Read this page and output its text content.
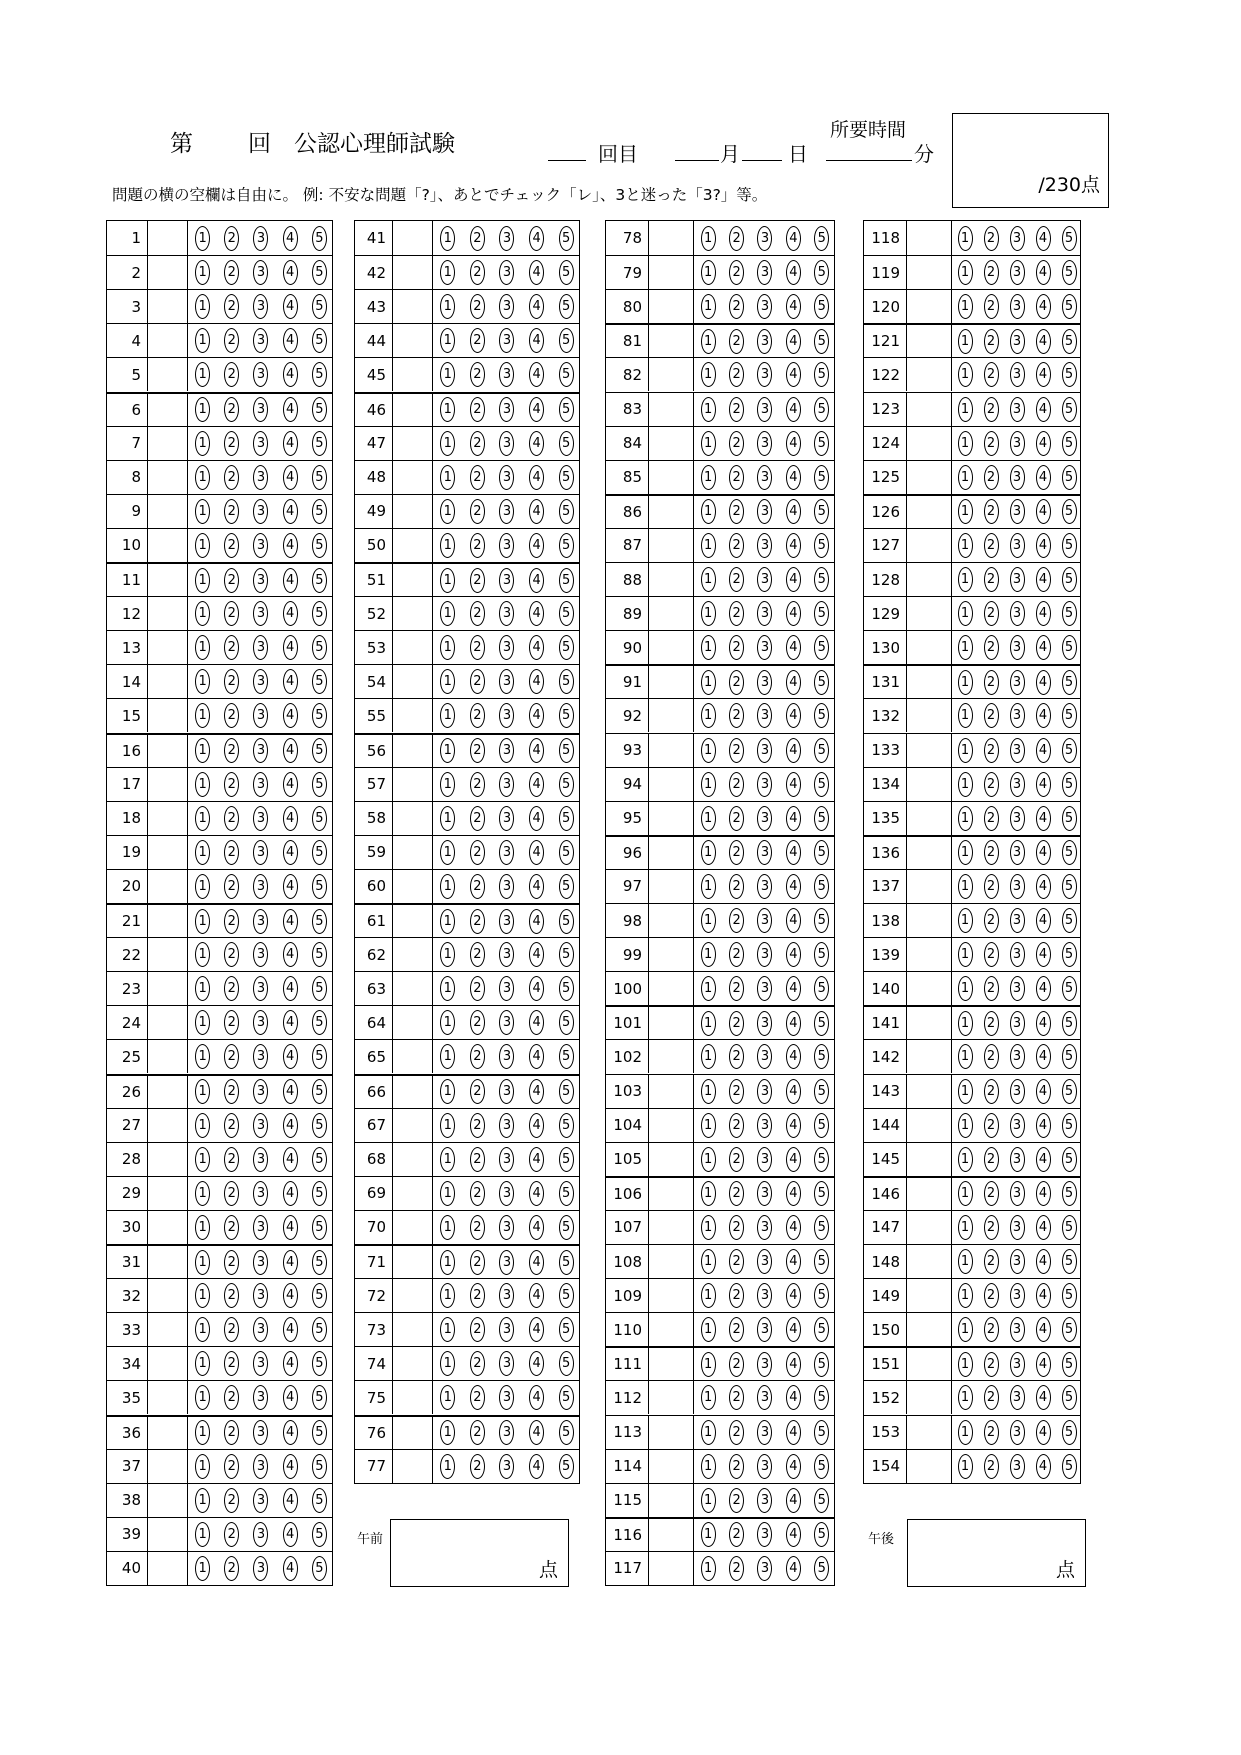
第 回 公認心理師試験	回目	月 日
所要時間
分
/230点
問題の横の空欄は自由に。 例: 不安な問題「?」、あとでチェック「レ」、3と迷った「3?」等。
1	1 2 3 4 5
2	1 2 3 4 5
3	1 2 3 4 5
4	1 2 3 4 5
5	1 2 3 4 5
6	1 2 3 4 5
7	1 2 3 4 5
8	1 2 3 4 5
9	1 2 3 4 5
10	1 2 3 4 5
11	1 2 3 4 5
12	1 2 3 4 5
13	1 2 3 4 5
14	1 2 3 4 5
15	1 2 3 4 5
16	1 2 3 4 5
17	1 2 3 4 5
18	1 2 3 4 5
19	1 2 3 4 5
20	1 2 3 4 5
21	1 2 3 4 5
22	1 2 3 4 5
23	1 2 3 4 5
24	1 2 3 4 5
25	1 2 3 4 5
26	1 2 3 4 5
27	1 2 3 4 5
28	1 2 3 4 5
29	1 2 3 4 5
30	1 2 3 4 5
31	1 2 3 4 5
32	1 2 3 4 5
33	1 2 3 4 5
34	1 2 3 4 5
35	1 2 3 4 5
36	1 2 3 4 5
37	1 2 3 4 5
38	1 2 3 4 5
39	1 2 3 4 5
40	1 2 3 4 5
41	1 2 3 4 5
42	1 2 3 4 5
43	1 2 3 4 5
44	1 2 3 4 5
45	1 2 3 4 5
46	1 2 3 4 5
47	1 2 3 4 5
48	1 2 3 4 5
49	1 2 3 4 5
50	1 2 3 4 5
51	1 2 3 4 5
52	1 2 3 4 5
53	1 2 3 4 5
54	1 2 3 4 5
55	1 2 3 4 5
56	1 2 3 4 5
57	1 2 3 4 5
58	1 2 3 4 5
59	1 2 3 4 5
60	1 2 3 4 5
61	1 2 3 4 5
62	1 2 3 4 5
63	1 2 3 4 5
64	1 2 3 4 5
65	1 2 3 4 5
66	1 2 3 4 5
67	1 2 3 4 5
68	1 2 3 4 5
69	1 2 3 4 5
70	1 2 3 4 5
71	1 2 3 4 5
72	1 2 3 4 5
73	1 2 3 4 5
74	1 2 3 4 5
75	1 2 3 4 5
76	1 2 3 4 5
77	1 2 3 4 5
78	1 2 3 4 5
79	1 2 3 4 5
80	1 2 3 4 5
81	1 2 3 4 5
82	1 2 3 4 5
83	1 2 3 4 5
84	1 2 3 4 5
85	1 2 3 4 5
86	1 2 3 4 5
87	1 2 3 4 5
88	1 2 3 4 5
89	1 2 3 4 5
90	1 2 3 4 5
91	1 2 3 4 5
92	1 2 3 4 5
93	1 2 3 4 5
94	1 2 3 4 5
95	1 2 3 4 5
96	1 2 3 4 5
97	1 2 3 4 5
98	1 2 3 4 5
99	1 2 3 4 5
100	1 2 3 4 5
101	1 2 3 4 5
102	1 2 3 4 5
103	1 2 3 4 5
104	1 2 3 4 5
105	1 2 3 4 5
106	1 2 3 4 5
107	1 2 3 4 5
108	1 2 3 4 5
109	1 2 3 4 5
110	1 2 3 4 5
111	1 2 3 4 5
112	1 2 3 4 5
113	1 2 3 4 5
114	1 2 3 4 5
115	1 2 3 4 5
116	1 2 3 4 5
117	1 2 3 4 5
118	1 2 3 4 5
119	1 2 3 4 5
120	1 2 3 4 5
121	1 2 3 4 5
122	1 2 3 4 5
123	1 2 3 4 5
124	1 2 3 4 5
125	1 2 3 4 5
126	1 2 3 4 5
127	1 2 3 4 5
128	1 2 3 4 5
129	1 2 3 4 5
130	1 2 3 4 5
131	1 2 3 4 5
132	1 2 3 4 5
133	1 2 3 4 5
134	1 2 3 4 5
135	1 2 3 4 5
136	1 2 3 4 5
137	1 2 3 4 5
138	1 2 3 4 5
139	1 2 3 4 5
140	1 2 3 4 5
141	1 2 3 4 5
142	1 2 3 4 5
143	1 2 3 4 5
144	1 2 3 4 5
145	1 2 3 4 5
146	1 2 3 4 5
147	1 2 3 4 5
148	1 2 3 4 5
149	1 2 3 4 5
150	1 2 3 4 5
151	1 2 3 4 5
152	1 2 3 4 5
153	1 2 3 4 5
154	1 2 3 4 5
午前
点
午後
点
